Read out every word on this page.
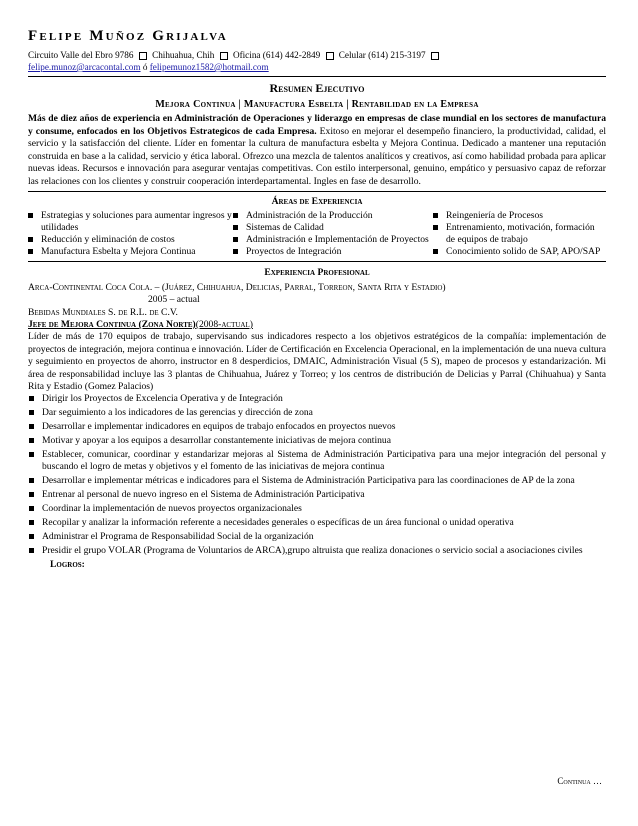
Felipe Muñoz Grijalva
Circuito Valle del Ebro 9786 Chihuahua, Chih Oficina (614) 442-2849 Celular (614) 215-3197
felipe.munoz@arcacontal.com ó felipemunoz1582@hotmail.com
Resumen Ejecutivo
Mejora Continua | Manufactura Esbelta | Rentabilidad en la Empresa

Más de diez años de experiencia en Administración de Operaciones y liderazgo en empresas de clase mundial en los sectores de manufactura y consume, enfocados en los Objetivos Estrategicos de cada Empresa. Exitoso en mejorar el desempeño financiero, la productividad, calidad, el servicio y la satisfacción del cliente. Líder en fomentar la cultura de manufactura esbelta y Mejora Continua. Dedicado a mantener una reputación construida en base a la calidad, servicio y ética laboral. Ofrezco una mezcla de talentos analíticos y creativos, así como habilidad probada para aplicar nuevas ideas. Recursos e innovación para asegurar ventajas competitivas. Con estilo interpersonal, genuino, empático y persuasivo capaz de reforzar las relaciones con los clientes y construir cooperación interdepartamental. Ingles en fase de desarrollo.

Áreas de Experiencia
Estrategias y soluciones para aumentar ingresos y utilidades
Reducción y eliminación de costos
Manufactura Esbelta y Mejora Continua
Administración de la Producción
Sistemas de Calidad
Administración e Implementación de Proyectos
Proyectos de Integración
Reingeniería de Procesos
Entrenamiento, motivación, formación de equipos de trabajo
Conocimiento solido de SAP, APO/SAP
Experiencia Profesional
Arca-Continental Coca Cola. – (Juárez, Chihuahua, Delicias, Parral, Torreon, Santa Rita y Estadio)
2005 – actual
Bebidas Mundiales S. de R.L. de C.V.
Jefe de Mejora Continua (Zona Norte)(2008-actual)

Líder de más de 170 equipos de trabajo, supervisando sus indicadores respecto a los objetivos estratégicos de la compañía: implementación de proyectos de integración, mejora continua e innovación. Líder de Certificación en Excelencia Operacional, en la implementación de una nueva cultura y seguimiento en proyectos de ahorro, instructor en 8 desperdicios, DMAIC, Administración Visual (5 S), mapeo de procesos y estandarización. Mi área de responsabilidad incluye las 3 plantas de Chihuahua, Juárez y Torreo; y los centros de distribución de Delicias y Parral (Chihuahua) y Santa Rita y Estadio (Gomez Palacios)

Dirigir los Proyectos de Excelencia Operativa y de Integración
Dar seguimiento a los indicadores de las gerencias y dirección de zona
Desarrollar e implementar indicadores en equipos de trabajo enfocados en proyectos nuevos
Motivar y apoyar a los equipos a desarrollar constantemente iniciativas de mejora continua
Establecer, comunicar, coordinar y estandarizar mejoras al Sistema de Administración Participativa para una mejor integración del personal y buscando el logro de metas y objetivos y el fomento de las iniciativas de mejora continua
Desarrollar e implementar métricas e indicadores para el Sistema de Administración Participativa para las coordinaciones de AP de la zona
Entrenar al personal de nuevo ingreso en el Sistema de Administración Participativa
Coordinar la implementación de nuevos proyectos organizacionales
Recopilar y analizar la información referente a necesidades generales o específicas de un área funcional o unidad operativa
Administrar el Programa de Responsabilidad Social de la organización
Presidir el grupo VOLAR (Programa de Voluntarios de ARCA),grupo altruista que realiza donaciones o servicio social a asociaciones civiles
Logros:
Continua …
